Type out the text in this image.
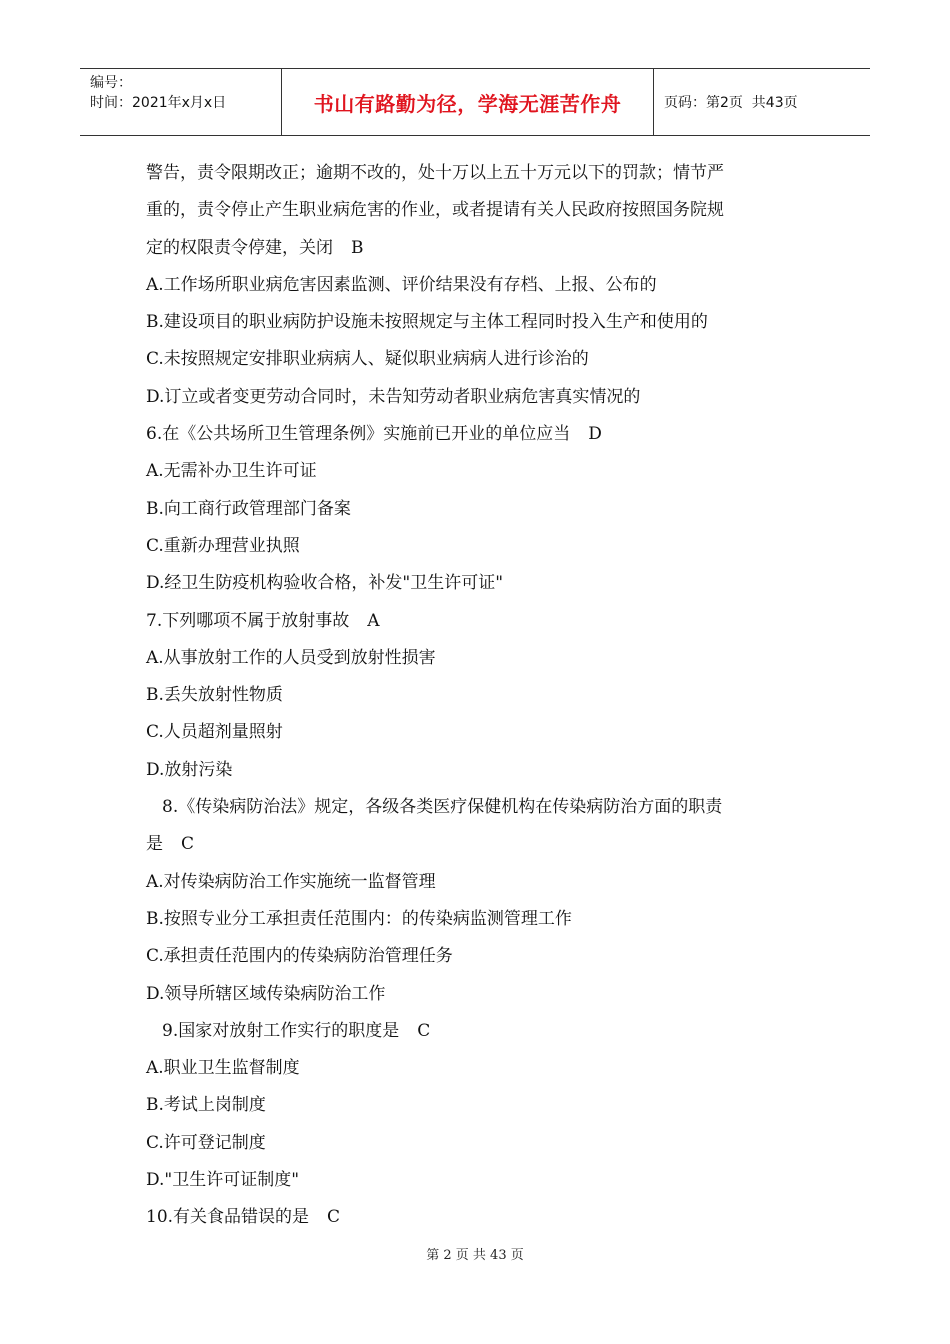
编号：
时间：2021年x月x日	书山有路勤为径，学海无涯苦作舟	页码：第2页  共43页
警告，责令限期改正；逾期不改的，处十万以上五十万元以下的罚款；情节严
重的，责令停止产生职业病危害的作业，或者提请有关人民政府按照国务院规
定的权限责令停建，关闭 B
A.工作场所职业病危害因素监测、评价结果没有存档、上报、公布的
B.建设项目的职业病防护设施未按照规定与主体工程同时投入生产和使用的
C.未按照规定安排职业病病人、疑似职业病病人进行诊治的
D.订立或者变更劳动合同时，未告知劳动者职业病危害真实情况的
6.在《公共场所卫生管理条例》实施前已开业的单位应当 D
A.无需补办卫生许可证
B.向工商行政管理部门备案
C.重新办理营业执照
D.经卫生防疫机构验收合格，补发"卫生许可证"
7.下列哪项不属于放射事故 A
A.从事放射工作的人员受到放射性损害
B.丢失放射性物质
C.人员超剂量照射
D.放射污染
8.《传染病防治法》规定，各级各类医疗保健机构在传染病防治方面的职责
是 C
A.对传染病防治工作实施统一监督管理
B.按照专业分工承担责任范围内：的传染病监测管理工作
C.承担责任范围内的传染病防治管理任务
D.领导所辖区域传染病防治工作
9.国家对放射工作实行的职度是 C
A.职业卫生监督制度
B.考试上岗制度
C.许可登记制度
D."卫生许可证制度"
10.有关食品错误的是 C
第 2 页 共 43 页
